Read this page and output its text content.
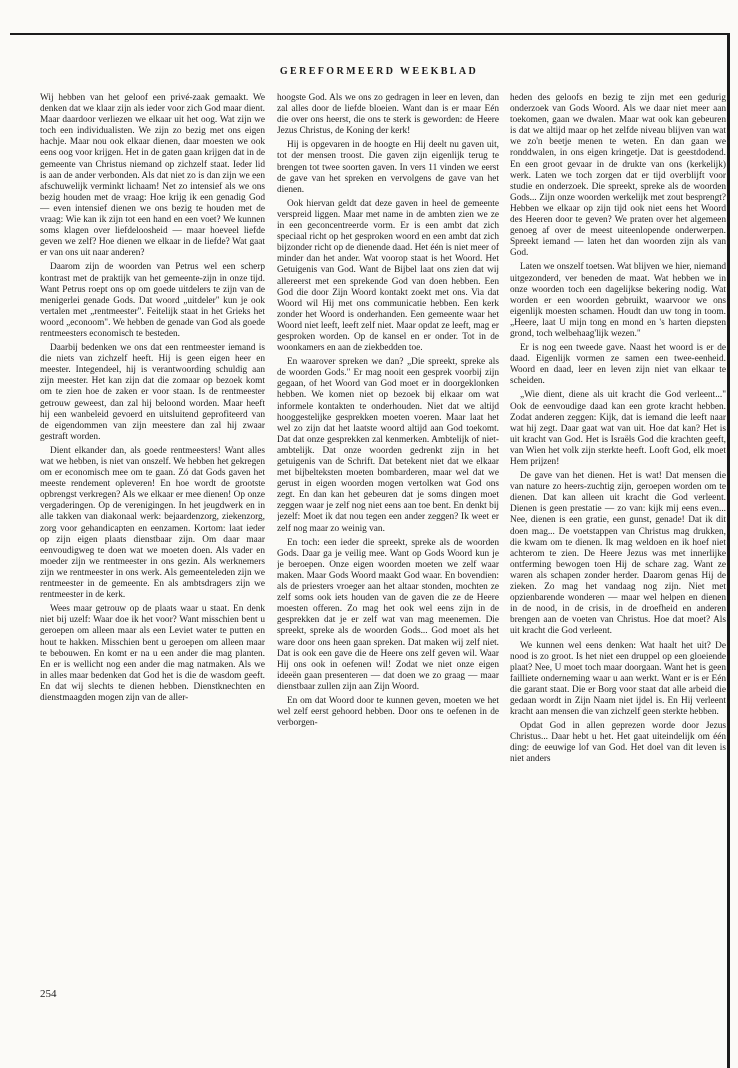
GEREFORMEERD WEEKBLAD

Wij hebben van het geloof een privé-zaak gemaakt. We denken dat we klaar zijn als ieder voor zich God maar dient. Maar daardoor verliezen we elkaar uit het oog. Wat zijn we toch een individualisten. We zijn zo bezig met ons eigen hachje. Maar nou ook elkaar dienen, daar moesten we ook eens oog voor krijgen. Het in de gaten gaan krijgen dat in de gemeente van Christus niemand op zichzelf staat. Ieder lid is aan de ander verbonden. Als dat niet zo is dan zijn we een afschuwelijk verminkt lichaam! Net zo intensief als we ons bezig houden met de vraag: Hoe krijg ik een genadig God — even intensief dienen we ons bezig te houden met de vraag: Wie kan ik zijn tot een hand en een voet? We kunnen soms klagen over liefdeloosheid — maar hoeveel liefde geven we zelf? Hoe dienen we elkaar in de liefde? Wat gaat er van ons uit naar anderen?

Daarom zijn de woorden van Petrus wel een scherp kontrast met de praktijk van het gemeente-zijn in onze tijd. Want Petrus roept ons op om goede uitdelers te zijn van de menigerlei genade Gods. Dat woord „uitdeler" kun je ook vertalen met „rentmeester". Feitelijk staat in het Grieks het woord „econoom". We hebben de genade van God als goede rentmeesters economisch te besteden.

Daarbij bedenken we ons dat een rentmeester iemand is die niets van zichzelf heeft. Hij is geen eigen heer en meester. Integendeel, hij is verantwoording schuldig aan zijn meester. Het kan zijn dat die zomaar op bezoek komt om te zien hoe de zaken er voor staan. Is de rentmeester getrouw geweest, dan zal hij beloond worden. Maar heeft hij een wanbeleid gevoerd en uitsluitend geprofiteerd van de eigendommen van zijn meestere dan zal hij zwaar gestraft worden.

Dient elkander dan, als goede rentmeesters! Want alles wat we hebben, is niet van onszelf. We hebben het gekregen om er economisch mee om te gaan. Zó dat Gods gaven het meeste rendement opleveren! En hoe wordt de grootste opbrengst verkregen? Als we elkaar er mee dienen! Op onze vergaderingen. Op de verenigingen. In het jeugdwerk en in alle takken van diakonaal werk: bejaardenzorg, ziekenzorg, zorg voor gehandicapten en eenzamen. Kortom: laat ieder op zijn eigen plaats dienstbaar zijn. Om daar maar eenvoudigweg te doen wat we moeten doen. Als vader en moeder zijn we rentmeester in ons gezin. Als werknemers zijn we rentmeester in ons werk. Als gemeenteleden zijn we rentmeester in de gemeente. En als ambtsdragers zijn we rentmeester in de kerk.

Wees maar getrouw op de plaats waar u staat. En denk niet bij uzelf: Waar doe ik het voor? Want misschien bent u geroepen om alleen maar als een Leviet water te putten en hout te hakken. Misschien bent u geroepen om alleen maar te bebouwen. En komt er na u een ander die mag planten. En er is wellicht nog een ander die mag natmaken. Als we in alles maar bedenken dat God het is die de wasdom geeft. En dat wij slechts te dienen hebben. Dienstknechten en dienstmaagden mogen zijn van de aller-

hoogste God. Als we ons zo gedragen in leer en leven, dan zal alles door de liefde bloeien. Want dan is er maar Eén die over ons heerst, die ons te sterk is geworden: de Heere Jezus Christus, de Koning der kerk!

Hij is opgevaren in de hoogte en Hij deelt nu gaven uit, tot der mensen troost. Die gaven zijn eigenlijk terug te brengen tot twee soorten gaven. In vers 11 vinden we eerst de gave van het spreken en vervolgens de gave van het dienen.

Ook hiervan geldt dat deze gaven in heel de gemeente verspreid liggen. Maar met name in de ambten zien we ze in een geconcentreerde vorm. Er is een ambt dat zich speciaal richt op het gesproken woord en een ambt dat zich bijzonder richt op de dienende daad. Het één is niet meer of minder dan het ander. Wat voorop staat is het Woord. Het Getuigenis van God. Want de Bijbel laat ons zien dat wij allereerst met een sprekende God van doen hebben. Een God die door Zijn Woord kontakt zoekt met ons. Via dat Woord wil Hij met ons communicatie hebben. Een kerk zonder het Woord is onderhanden. Een gemeente waar het Woord niet leeft, leeft zelf niet. Maar opdat ze leeft, mag er gesproken worden. Op de kansel en er onder. Tot in de woonkamers en aan de ziekbedden toe.

En waarover spreken we dan? „Die spreekt, spreke als de woorden Gods." Er mag nooit een gesprek voorbij zijn gegaan, of het Woord van God moet er in doorgeklonken hebben. We komen niet op bezoek bij elkaar om wat informele kontakten te onderhouden. Niet dat we altijd hooggestelijke gesprekken moeten voeren. Maar laat het wel zo zijn dat het laatste woord altijd aan God toekomt. Dat dat onze gesprekken zal kenmerken. Ambtelijk of niet-ambtelijk. Dat onze woorden gedrenkt zijn in het getuigenis van de Schrift. Dat betekent niet dat we elkaar met bijbelteksten moeten bombarderen, maar wel dat we gerust in eigen woorden mogen vertolken wat God ons zegt. En dan kan het gebeuren dat je soms dingen moet zeggen waar je zelf nog niet eens aan toe bent. En denkt bij jezelf: Moet ik dat nou tegen een ander zeggen? Ik weet er zelf nog maar zo weinig van.

En toch: een ieder die spreekt, spreke als de woorden Gods. Daar ga je veilig mee. Want op Gods Woord kun je je beroepen. Onze eigen woorden moeten we zelf waar maken. Maar Gods Woord maakt God waar. En bovendien: als de priesters vroeger aan het altaar stonden, mochten ze zelf soms ook iets houden van de gaven die ze de Heere moesten offeren. Zo mag het ook wel eens zijn in de gesprekken dat je er zelf wat van mag meenemen. Die spreekt, spreke als de woorden Gods... God moet als het ware door ons heen gaan spreken. Dat maken wij zelf niet. Dat is ook een gave die de Heere ons zelf geven wil. Waar Hij ons ook in oefenen wil! Zodat we niet onze eigen ideeën gaan presenteren — dat doen we zo graag — maar dienstbaar zullen zijn aan Zijn Woord.

En om dat Woord door te kunnen geven, moeten we het wel zelf eerst gehoord hebben. Door ons te oefenen in de verborgen-

heden des geloofs en bezig te zijn met een gedurig onderzoek van Gods Woord. Als we daar niet meer aan toekomen, gaan we dwalen. Maar wat ook kan gebeuren is dat we altijd maar op het zelfde niveau blijven van wat we zo'n beetje menen te weten. En dan gaan we ronddwalen, in ons eigen kringetje. Dat is geestdodend. En een groot gevaar in de drukte van ons (kerkelijk) werk. Laten we toch zorgen dat er tijd overblijft voor studie en onderzoek. Die spreekt, spreke als de woorden Gods... Zijn onze woorden werkelijk met zout besprengt? Hebben we elkaar op zijn tijd ook niet eens het Woord des Heeren door te geven? We praten over het algemeen genoeg af over de meest uiteenlopende onderwerpen. Spreekt iemand — laten het dan woorden zijn als van God.

Laten we onszelf toetsen. Wat blijven we hier, niemand uitgezonderd, ver beneden de maat. Wat hebben we in onze woorden toch een dagelijkse bekering nodig. Wat worden er een woorden gebruikt, waarvoor we ons eigenlijk moesten schamen. Houdt dan uw tong in toom. „Heere, laat U mijn tong en mond en 's harten diepsten grond, toch welbehaag'lijk wezen."

Er is nog een tweede gave. Naast het woord is er de daad. Eigenlijk vormen ze samen een twee-eenheid. Woord en daad, leer en leven zijn niet van elkaar te scheiden.

„Wie dient, diene als uit kracht die God verleent..." Ook de eenvoudige daad kan een grote kracht hebben. Zodat anderen zeggen: Kijk, dat is iemand die leeft naar wat hij zegt. Daar gaat wat van uit. Hoe dat kan? Het is uit kracht van God. Het is Israëls God die krachten geeft, van Wien het volk zijn sterkte heeft. Looft God, elk moet Hem prijzen!

De gave van het dienen. Het is wat! Dat mensen die van nature zo heers-zuchtig zijn, geroepen worden om te dienen. Dat kan alleen uit kracht die God verleent. Dienen is geen prestatie — zo van: kijk mij eens even... Nee, dienen is een gratie, een gunst, genade! Dat ik dit doen mag... De voetstappen van Christus mag drukken, die kwam om te dienen. Ik mag weldoen en ik hoef niet achterom te zien. De Heere Jezus was met innerlijke ontferming bewogen toen Hij de schare zag. Want ze waren als schapen zonder herder. Daarom genas Hij de zieken. Zo mag het vandaag nog zijn. Niet met opzienbarende wonderen — maar wel helpen en dienen in de nood, in de crisis, in de droefheid en anderen brengen aan de voeten van Christus. Hoe dat moet? Als uit kracht die God verleent.

We kunnen wel eens denken: Wat haalt het uit? De nood is zo groot. Is het niet een druppel op een gloeiende plaat? Nee, U moet toch maar doorgaan. Want het is geen failliete onderneming waar u aan werkt. Want er is er Eén die garant staat. Die er Borg voor staat dat alle arbeid die gedaan wordt in Zijn Naam niet ijdel is. En Hij verleent kracht aan mensen die van zichzelf geen sterkte hebben.

Opdat God in allen geprezen worde door Jezus Christus... Daar hebt u het. Het gaat uiteindelijk om één ding: de eeuwige lof van God. Het doel van dit leven is niet anders

254
